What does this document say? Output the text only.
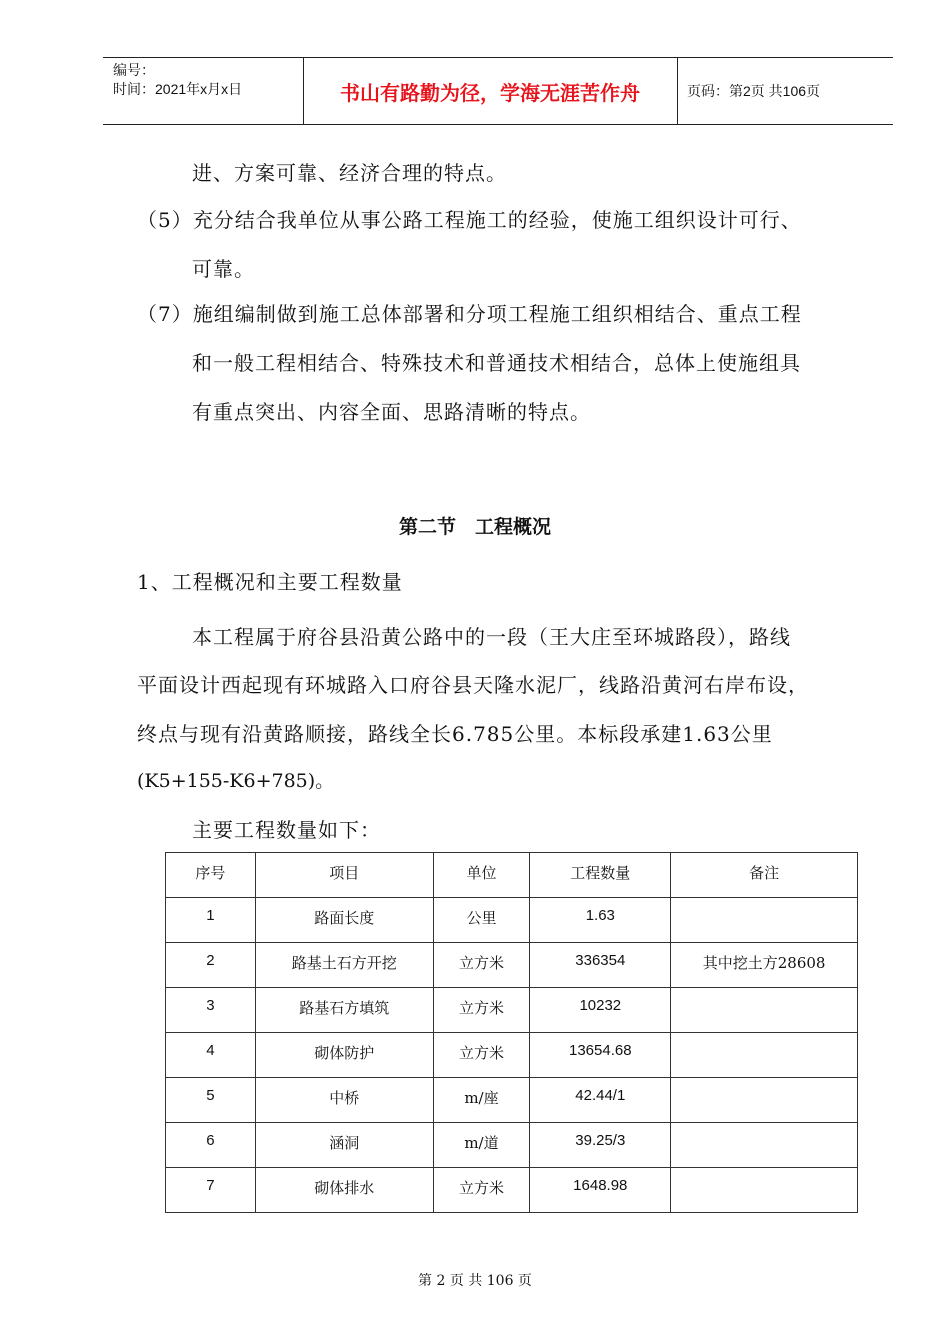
编号：
时间：2021年x月x日	书山有路勤为径，学海无涯苦作舟	页码：第2页 共106页
进、方案可靠、经济合理的特点。
（5）充分结合我单位从事公路工程施工的经验，使施工组织设计可行、
可靠。
（7）施组编制做到施工总体部署和分项工程施工组织相结合、重点工程
和一般工程相结合、特殊技术和普通技术相结合，总体上使施组具
有重点突出、内容全面、思路清晰的特点。
第二节　工程概况
1、工程概况和主要工程数量
本工程属于府谷县沿黄公路中的一段（王大庄至环城路段），路线
平面设计西起现有环城路入口府谷县天隆水泥厂，线路沿黄河右岸布设，
终点与现有沿黄路顺接，路线全长6.785公里。本标段承建1.63公里
(K5+155-K6+785)。
主要工程数量如下：
序号	项目	单位	工程数量	备注
1	路面长度	公里	1.63	
2	路基土石方开挖	立方米	336354	其中挖土方28608
3	路基石方填筑	立方米	10232	
4	砌体防护	立方米	13654.68	
5	中桥	m/座	42.44/1	
6	涵洞	m/道	39.25/3	
7	砌体排水	立方米	1648.98	
第 2 页 共 106 页
